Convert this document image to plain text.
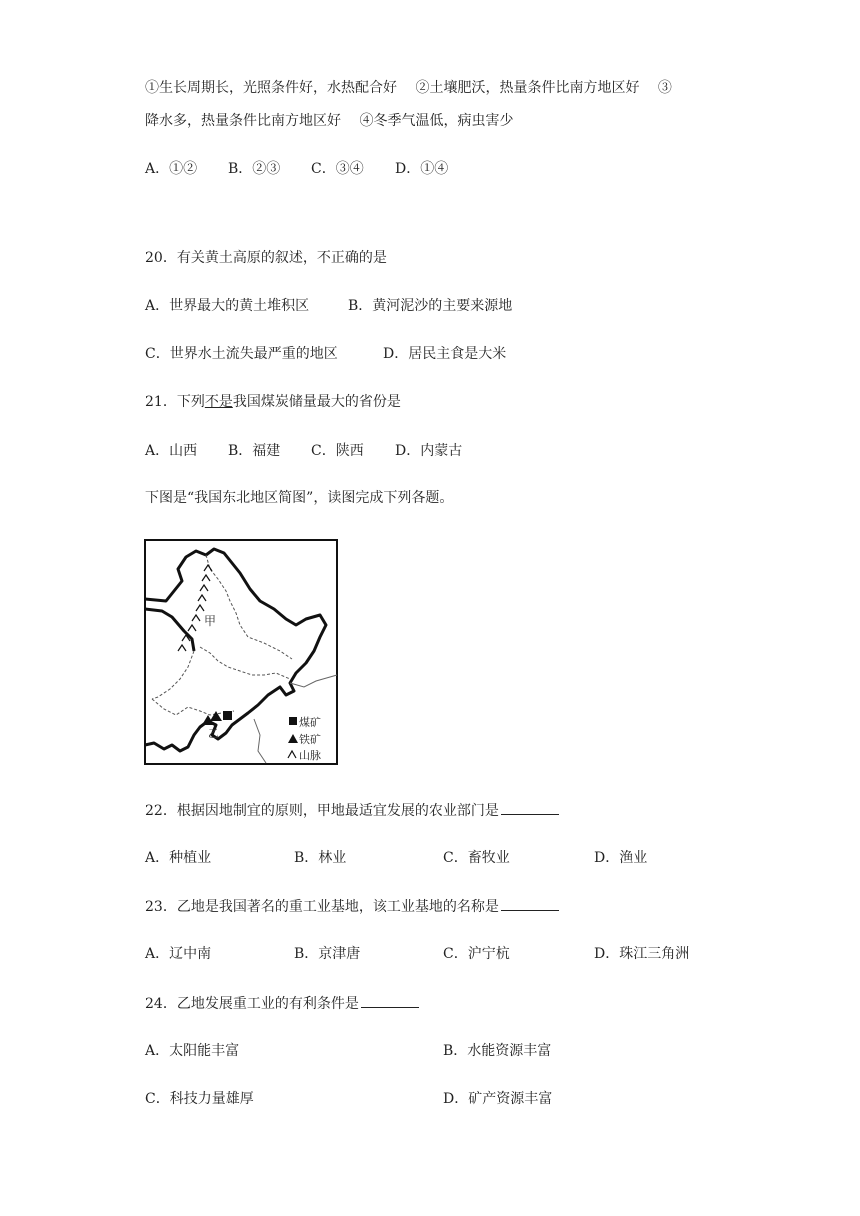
①生长周期长，光照条件好，水热配合好　 ②土壤肥沃，热量条件比南方地区好　 ③
降水多，热量条件比南方地区好　 ④冬季气温低，病虫害少
A．①② B．②③ C．③④ D．①④
20．有关黄土高原的叙述，不正确的是
A．世界最大的黄土堆积区	B．黄河泥沙的主要来源地
C．世界水土流失最严重的地区	D．居民主食是大米
21．下列不是我国煤炭储量最大的省份是
A．山西 B．福建 C．陕西 D．内蒙古
下图是“我国东北地区简图”，读图完成下列各题。
甲
乙
煤矿
铁矿
山脉
22．根据因地制宜的原则，甲地最适宜发展的农业部门是
A．种植业	B．林业	C．畜牧业	D．渔业
23．乙地是我国著名的重工业基地，该工业基地的名称是
A．辽中南	B．京津唐	C．沪宁杭	D．珠江三角洲
24．乙地发展重工业的有利条件是
A．太阳能丰富	B．水能资源丰富
C．科技力量雄厚	D．矿产资源丰富
